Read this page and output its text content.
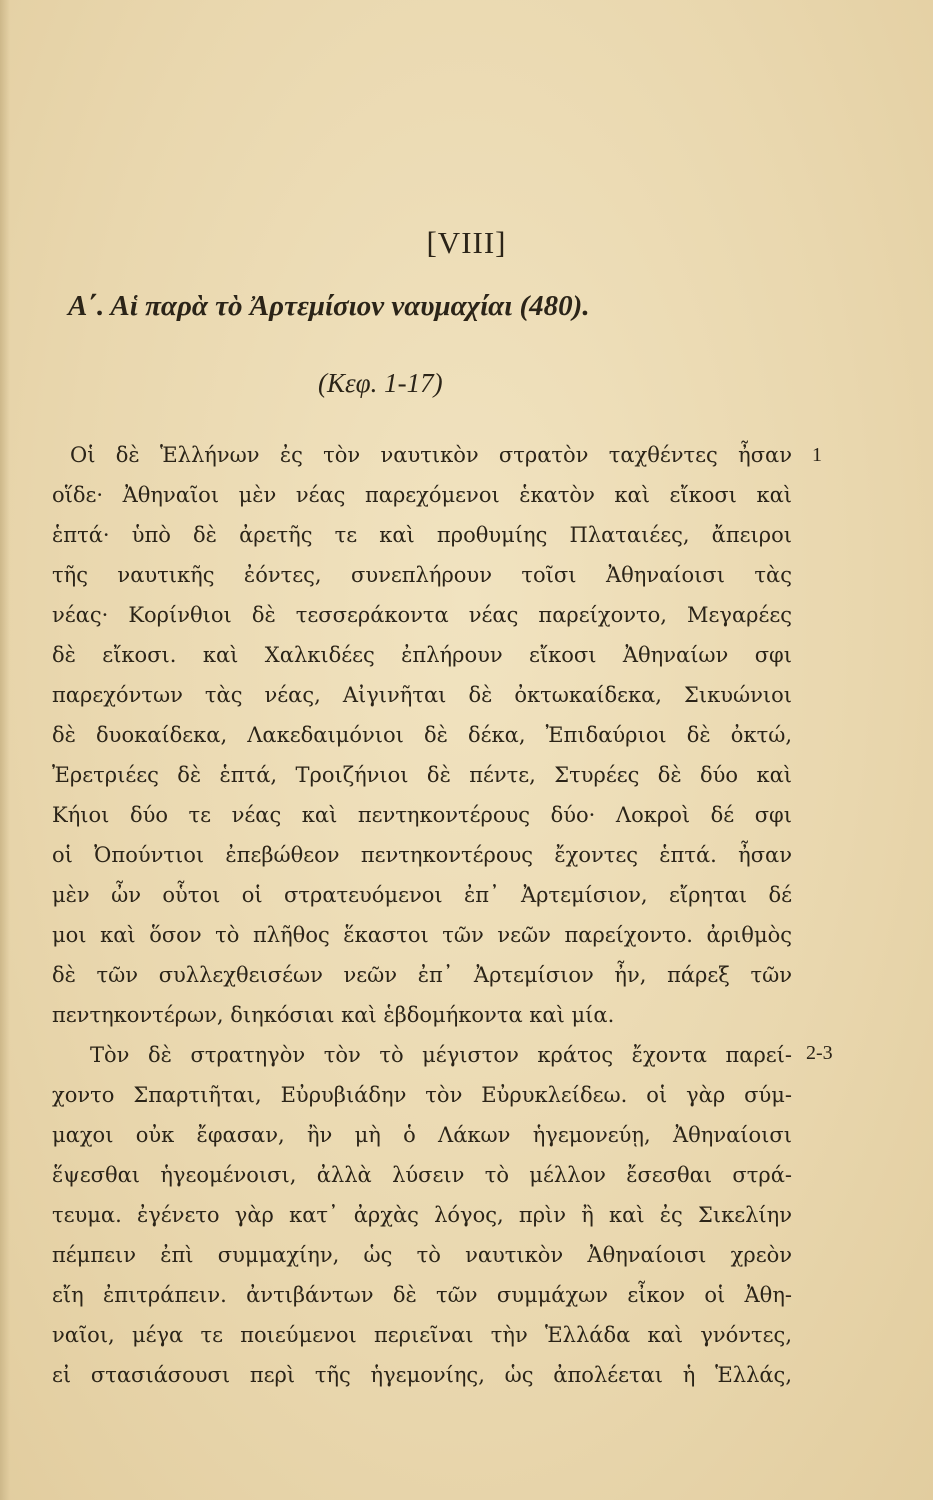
[VIII]
Α΄. Αἱ παρὰ τὸ Ἀρτεμίσιον ναυμαχίαι (480).
(Κεφ. 1-17)
Οἱ δὲ Ἑλλήνων ἐς τὸν ναυτικὸν στρατὸν ταχθέντες ἦσαν
οἵδε· Ἀθηναῖοι μὲν νέας παρεχόμενοι ἑκατὸν καὶ εἴκοσι καὶ
ἑπτά· ὑπὸ δὲ ἀρετῆς τε καὶ προθυμίης Πλαταιέες, ἄπειροι
τῆς ναυτικῆς ἐόντες, συνεπλήρουν τοῖσι Ἀθηναίοισι τὰς
νέας· Κορίνθιοι δὲ τεσσεράκοντα νέας παρείχοντο, Μεγαρέες
δὲ εἴκοσι. καὶ Χαλκιδέες ἐπλήρουν εἴκοσι Ἀθηναίων σφι
παρεχόντων τὰς νέας, Αἰγινῆται δὲ ὀκτωκαίδεκα, Σικυώνιοι
δὲ δυοκαίδεκα, Λακεδαιμόνιοι δὲ δέκα, Ἐπιδαύριοι δὲ ὀκτώ,
Ἐρετριέες δὲ ἑπτά, Τροιζήνιοι δὲ πέντε, Στυρέες δὲ δύο καὶ
Κήιοι δύο τε νέας καὶ πεντηκοντέρους δύο· Λοκροὶ δέ σφι
οἱ Ὀπούντιοι ἐπεβώθεον πεντηκοντέρους ἔχοντες ἑπτά. ἦσαν
μὲν ὦν οὗτοι οἱ στρατευόμενοι ἐπ᾽ Ἀρτεμίσιον, εἴρηται δέ
μοι καὶ ὅσον τὸ πλῆθος ἕκαστοι τῶν νεῶν παρείχοντο. ἀριθμὸς
δὲ τῶν συλλεχθεισέων νεῶν ἐπ᾽ Ἀρτεμίσιον ἦν, πάρεξ τῶν
πεντηκοντέρων, διηκόσιαι καὶ ἑβδομήκοντα καὶ μία.
Τὸν δὲ στρατηγὸν τὸν τὸ μέγιστον κράτος ἔχοντα παρεί-
χοντο Σπαρτιῆται, Εὐρυβιάδην τὸν Εὐρυκλείδεω. οἱ γὰρ σύμ-
μαχοι οὐκ ἔφασαν, ἢν μὴ ὁ Λάκων ἡγεμονεύῃ, Ἀθηναίοισι
ἕψεσθαι ἡγεομένοισι, ἀλλὰ λύσειν τὸ μέλλον ἔσεσθαι στρά-
τευμα. ἐγένετο γὰρ κατ᾽ ἀρχὰς λόγος, πρὶν ἢ καὶ ἐς Σικελίην
πέμπειν ἐπὶ συμμαχίην, ὡς τὸ ναυτικὸν Ἀθηναίοισι χρεὸν
εἴη ἐπιτράπειν. ἀντιβάντων δὲ τῶν συμμάχων εἶκον οἱ Ἀθη-
ναῖοι, μέγα τε ποιεύμενοι περιεῖναι τὴν Ἑλλάδα καὶ γνόντες,
εἰ στασιάσουσι περὶ τῆς ἡγεμονίης, ὡς ἀπολέεται ἡ Ἑλλάς,
1
2-3
